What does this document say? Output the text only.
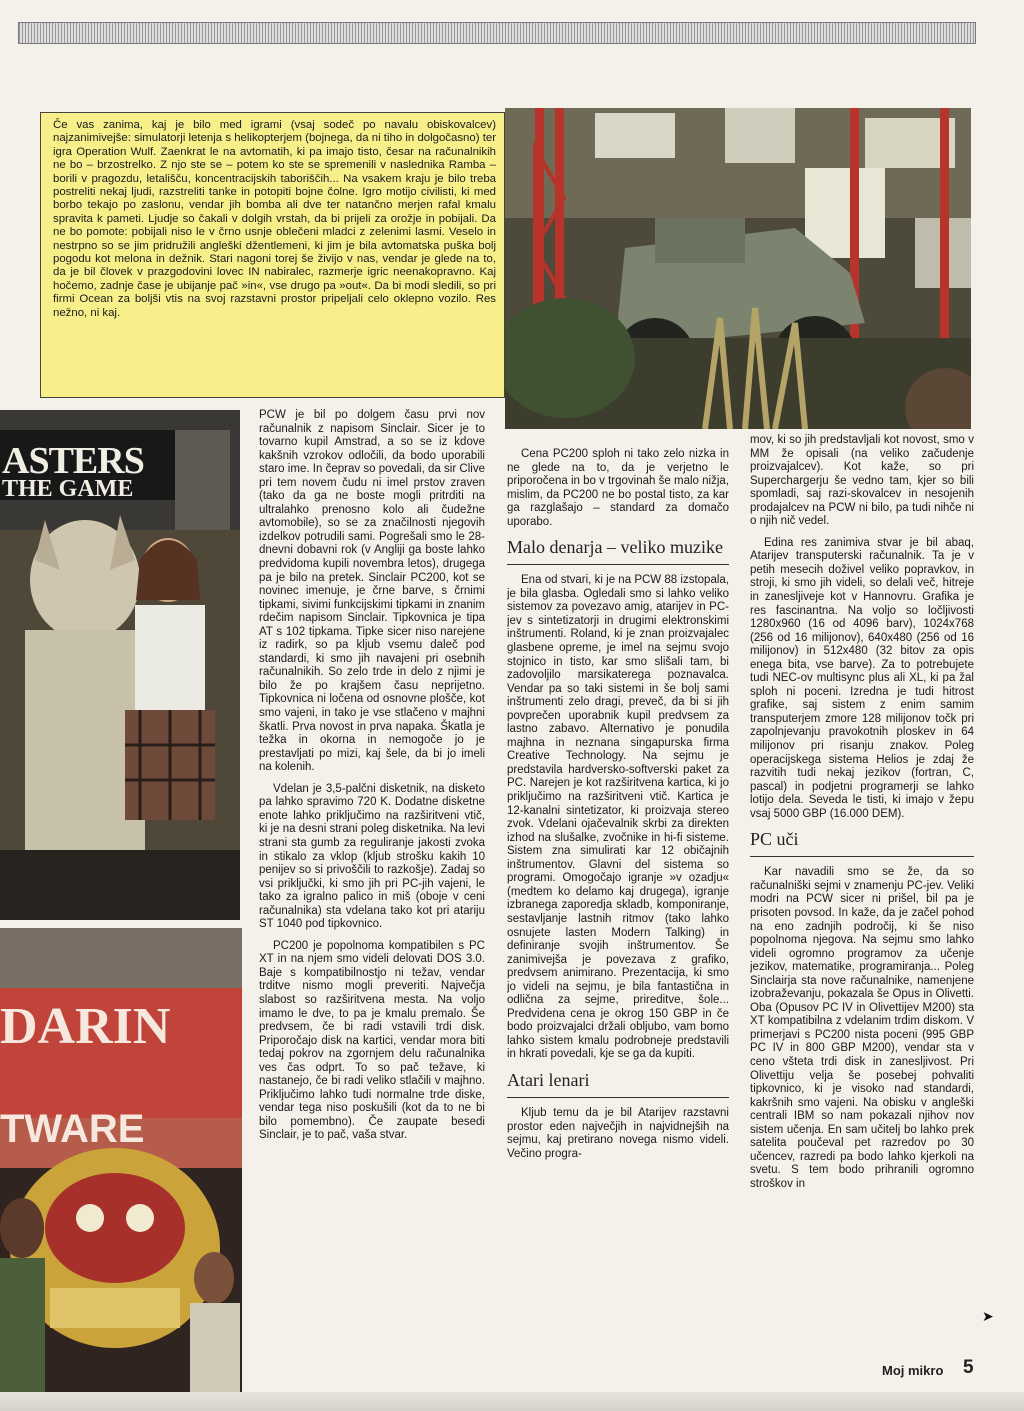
Če vas zanima, kaj je bilo med igrami (vsaj sodeč po navalu obiskovalcev) najzanimivejše: simulatorji letenja s helikopterjem (bojnega, da ni tiho in dolgočasno) ter igra Operation Wulf. Zaenkrat le na avtomatih, ki pa imajo tisto, česar na računalnikih ne bo – brzostrelko. Z njo ste se – potem ko ste se spremenili v naslednika Ramba – borili v pragozdu, letališču, koncentracijskih taboriščih... Na vsakem kraju je bilo treba postreliti nekaj ljudi, razstreliti tanke in potopiti bojne čolne. Igro motijo civilisti, ki med borbo tekajo po zaslonu, vendar jih bomba ali dve ter natančno merjen rafal kmalu spravita k pameti. Ljudje so čakali v dolgih vrstah, da bi prijeli za orožje in pobijali. Da ne bo pomote: pobijali niso le v črno usnje oblečeni mladci z zelenimi lasmi. Veselo in nestrpno so se jim pridružili angleški džentlemeni, ki jim je bila avtomatska puška bolj pogodu kot melona in dežnik. Stari nagoni torej še živijo v nas, vendar je glede na to, da je bil človek v prazgodovini lovec IN nabiralec, razmerje igric neenakopravno. Kaj hočemo, zadnje čase je ubijanje pač »in«, vse drugo pa »out«. Da bi modi sledili, so pri firmi Ocean za boljši vtis na svoj razstavni prostor pripeljali celo oklepno vozilo. Res nežno, ni kaj.

ASTERS
THE GAME
DARIN
TWARE

PCW je bil po dolgem času prvi nov računalnik z napisom Sinclair. Sicer je to tovarno kupil Amstrad, a so se iz kdove kakšnih vzrokov odločili, da bodo uporabili staro ime. In čeprav so povedali, da sir Clive pri tem novem čudu ni imel prstov zraven (tako da ga ne boste mogli pritrditi na ultralahko prenosno kolo ali čudežne avtomobile), so se za značilnosti njegovih izdelkov potrudili sami. Pogrešali smo le 28-dnevni dobavni rok (v Angliji ga boste lahko predvidoma kupili novembra letos), drugega pa je bilo na pretek. Sinclair PC200, kot se novinec imenuje, je črne barve, s črnimi tipkami, sivimi funkcijskimi tipkami in znanim rdečim napisom Sinclair. Tipkovnica je tipa AT s 102 tipkama. Tipke sicer niso narejene iz radirk, so pa kljub vsemu daleč pod standardi, ki smo jih navajeni pri osebnih računalnikih. So zelo trde in delo z njimi je bilo že po krajšem času neprijetno. Tipkovnica ni ločena od osnovne plošče, kot smo vajeni, in tako je vse stlačeno v majhni škatli. Prva novost in prva napaka. Škatla je težka in okorna in nemogoče jo je prestavljati po mizi, kaj šele, da bi jo imeli na kolenih.

Vdelan je 3,5-palčni disketnik, na disketo pa lahko spravimo 720 K. Dodatne disketne enote lahko priključimo na razširitveni vtič, ki je na desni strani poleg disketnika. Na levi strani sta gumb za reguliranje jakosti zvoka in stikalo za vklop (kljub strošku kakih 10 penijev so si privoščili to razkošje). Zadaj so vsi priključki, ki smo jih pri PC-jih vajeni, le tako za igralno palico in miš (oboje v ceni računalnika) sta vdelana tako kot pri atariju ST 1040 pod tipkovnico.

PC200 je popolnoma kompatibilen s PC XT in na njem smo videli delovati DOS 3.0. Baje s kompatibilnostjo ni težav, vendar trditve nismo mogli preveriti. Največja slabost so razširitvena mesta. Na voljo imamo le dve, to pa je kmalu premalo. Še predvsem, če bi radi vstavili trdi disk. Priporočajo disk na kartici, vendar mora biti tedaj pokrov na zgornjem delu računalnika ves čas odprt. To so pač težave, ki nastanejo, če bi radi veliko stlačili v majhno. Priključimo lahko tudi normalne trde diske, vendar tega niso poskušili (kot da to ne bi bilo pomembno). Če zaupate besedi Sinclair, je to pač, vaša stvar.

Cena PC200 sploh ni tako zelo nizka in ne glede na to, da je verjetno le priporočena in bo v trgovinah še malo nižja, mislim, da PC200 ne bo postal tisto, za kar ga razglašajo – standard za domačo uporabo.

Malo denarja – veliko muzike

Ena od stvari, ki je na PCW 88 izstopala, je bila glasba. Ogledali smo si lahko veliko sistemov za povezavo amig, atarijev in PC-jev s sintetizatorji in drugimi elektronskimi inštrumenti. Roland, ki je znan proizvajalec glasbene opreme, je imel na sejmu svojo stojnico in tisto, kar smo slišali tam, bi zadovoljilo marsikaterega poznavalca. Vendar pa so taki sistemi in še bolj sami inštrumenti zelo dragi, preveč, da bi si jih povprečen uporabnik kupil predvsem za lastno zabavo. Alternativo je ponudila majhna in neznana singapurska firma Creative Technology. Na sejmu je predstavila hardversko-softverski paket za PC. Narejen je kot razširitvena kartica, ki jo priključimo na razširitveni vtič. Kartica je 12-kanalni sintetizator, ki proizvaja stereo zvok. Vdelani ojačevalnik skrbi za direkten izhod na slušalke, zvočnike in hi-fi sisteme. Sistem zna simulirati kar 12 običajnih inštrumentov. Glavni del sistema so programi. Omogočajo igranje »v ozadju« (medtem ko delamo kaj drugega), igranje izbranega zaporedja skladb, komponiranje, sestavljanje lastnih ritmov (tako lahko osnujete lasten Modern Talking) in definiranje svojih inštrumentov. Še zanimivejša je povezava z grafiko, predvsem animirano. Prezentacija, ki smo jo videli na sejmu, je bila fantastična in odlična za sejme, prireditve, šole... Predvidena cena je okrog 150 GBP in če bodo proizvajalci držali obljubo, vam bomo lahko sistem kmalu podrobneje predstavili in hkrati povedali, kje se ga da kupiti.

Atari lenari

Kljub temu da je bil Atarijev razstavni prostor eden največjih in najvidnejših na sejmu, kaj pretirano novega nismo videli. Večino progra-

mov, ki so jih predstavljali kot novost, smo v MM že opisali (na veliko začudenje proizvajalcev). Kot kaže, so pri Superchargerju še vedno tam, kjer so bili spomladi, saj razi-skovalcev in nesojenih prodajalcev na PCW ni bilo, pa tudi nihče ni o njih nič vedel.

Edina res zanimiva stvar je bil abaq, Atarijev transputerski računalnik. Ta je v petih mesecih doživel veliko popravkov, in stroji, ki smo jih videli, so delali več, hitreje in zanesljiveje kot v Hannovru. Grafika je res fascinantna. Na voljo so ločljivosti 1280x960 (16 od 4096 barv), 1024x768 (256 od 16 milijonov), 640x480 (256 od 16 milijonov) in 512x480 (32 bitov za opis enega bita, vse barve). Za to potrebujete tudi NEC-ov multisync plus ali XL, ki pa žal sploh ni poceni. Izredna je tudi hitrost grafike, saj sistem z enim samim transputerjem zmore 128 milijonov točk pri zapolnjevanju pravokotnih ploskev in 64 milijonov pri risanju znakov. Poleg operacijskega sistema Helios je zdaj že razvitih tudi nekaj jezikov (fortran, C, pascal) in podjetni programerji se lahko lotijo dela. Seveda le tisti, ki imajo v žepu vsaj 5000 GBP (16.000 DEM).

PC uči

Kar navadili smo se že, da so računalniški sejmi v znamenju PC-jev. Veliki modri na PCW sicer ni prišel, bil pa je prisoten povsod. In kaže, da je začel pohod na eno zadnjih področij, ki še niso popolnoma njegova. Na sejmu smo lahko videli ogromno programov za učenje jezikov, matematike, programiranja... Poleg Sinclairja sta nove računalnike, namenjene izobraževanju, pokazala še Opus in Olivetti. Oba (Opusov PC IV in Olivettijev M200) sta XT kompatibilna z vdelanim trdim diskom. V primerjavi s PC200 nista poceni (995 GBP PC IV in 800 GBP M200), vendar sta v ceno všteta trdi disk in zanesljivost. Pri Olivettiju velja še posebej pohvaliti tipkovnico, ki je visoko nad standardi, kakršnih smo vajeni. Na obisku v angleški centrali IBM so nam pokazali njihov nov sistem učenja. En sam učitelj bo lahko prek satelita poučeval pet razredov po 30 učencev, razredi pa bodo lahko kjerkoli na svetu. S tem bodo prihranili ogromno stroškov in

➤
Moj mikro 5
